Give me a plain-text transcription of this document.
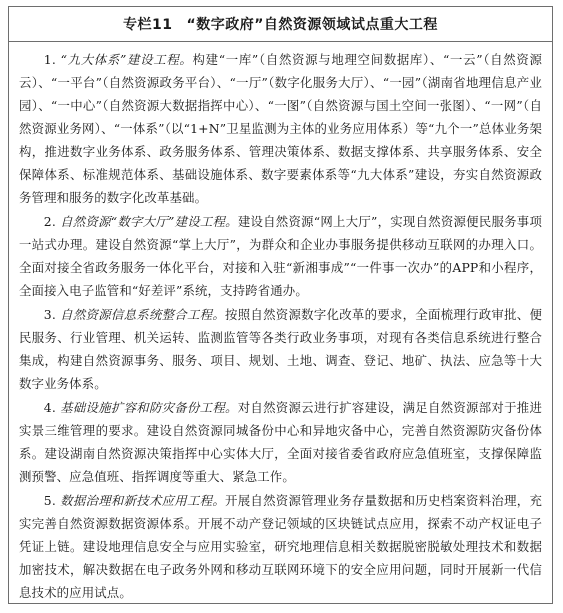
专栏11 “数字政府”自然资源领域试点重大工程

1. “九大体系”建设工程。构建“一库”（自然资源与地理空间数据库）、“一云”（自然资源云）、“一平台”（自然资源政务平台）、“一厅”（数字化服务大厅）、“一园”（湖南省地理信息产业园）、“一中心”（自然资源大数据指挥中心）、“一图”（自然资源与国土空间一张图）、“一网”（自然资源业务网）、“一体系”（以“1+N”卫星监测为主体的业务应用体系）等“九个一”总体业务架构，推进数字业务体系、政务服务体系、管理决策体系、数据支撑体系、共享服务体系、安全保障体系、标准规范体系、基础设施体系、数字要素体系等“九大体系”建设，夯实自然资源政务管理和服务的数字化改革基础。

2. 自然资源“数字大厅”建设工程。建设自然资源“网上大厅”，实现自然资源便民服务事项一站式办理。建设自然资源“掌上大厅”，为群众和企业办事服务提供移动互联网的办理入口。全面对接全省政务服务一体化平台，对接和入驻“新湘事成”“一件事一次办”的APP和小程序，全面接入电子监管和“好差评”系统，支持跨省通办。

3. 自然资源信息系统整合工程。按照自然资源数字化改革的要求，全面梳理行政审批、便民服务、行业管理、机关运转、监测监管等各类行政业务事项，对现有各类信息系统进行整合集成，构建自然资源事务、服务、项目、规划、土地、调查、登记、地矿、执法、应急等十大数字业务体系。

4. 基础设施扩容和防灾备份工程。对自然资源云进行扩容建设，满足自然资源部对于推进实景三维管理的要求。建设自然资源同城备份中心和异地灾备中心，完善自然资源防灾备份体系。建设湖南自然资源决策指挥中心实体大厅，全面对接省委省政府应急值班室，支撑保障监测预警、应急值班、指挥调度等重大、紧急工作。

5. 数据治理和新技术应用工程。开展自然资源管理业务存量数据和历史档案资料治理，充实完善自然资源数据资源体系。开展不动产登记领域的区块链试点应用，探索不动产权证电子凭证上链。建设地理信息安全与应用实验室，研究地理信息相关数据脱密脱敏处理技术和数据加密技术，解决数据在电子政务外网和移动互联网环境下的安全应用问题，同时开展新一代信息技术的应用试点。
